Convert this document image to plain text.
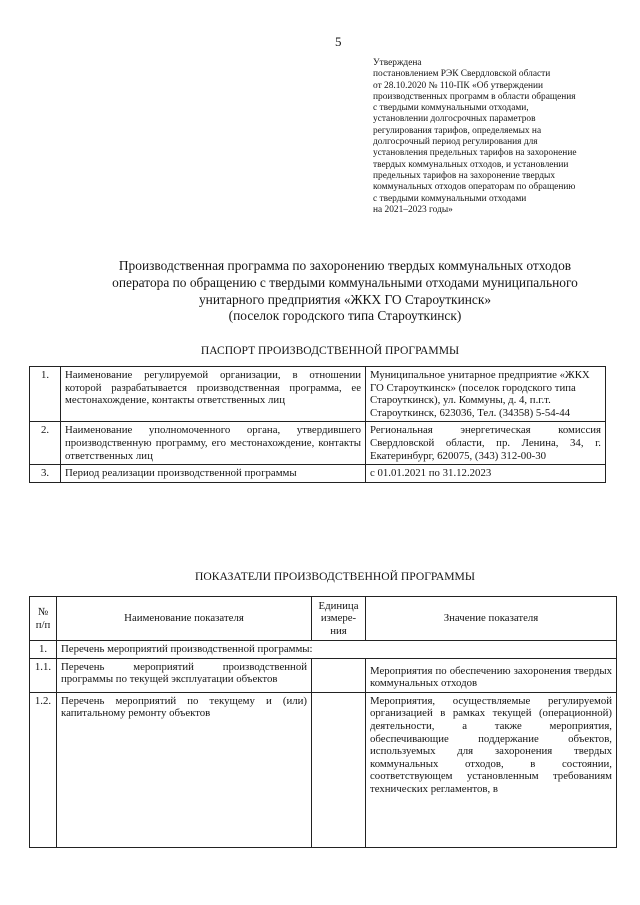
5
Утверждена
постановлением РЭК Свердловской области
от 28.10.2020 № 110-ПК «Об утверждении
производственных программ в области обращения
с твердыми коммунальными отходами,
установлении долгосрочных параметров
регулирования тарифов, определяемых на
долгосрочный период регулирования для
установления предельных тарифов на захоронение
твердых коммунальных отходов, и установлении
предельных тарифов на захоронение твердых
коммунальных отходов операторам по обращению
с твердыми коммунальными отходами
на 2021–2023 годы»
Производственная программа по захоронению твердых коммунальных отходов
оператора по обращению с твердыми коммунальными отходами муниципального
унитарного предприятия «ЖКХ ГО Староуткинск»
(поселок городского типа Староуткинск)
ПАСПОРТ ПРОИЗВОДСТВЕННОЙ ПРОГРАММЫ
1.	Наименование регулируемой организации, в отношении которой разрабатывается производственная программа, ее местонахождение, контакты ответственных лиц	Муниципальное унитарное предприятие «ЖКХ ГО Староуткинск» (поселок городского типа Староуткинск), ул. Коммуны, д. 4, п.г.т. Староуткинск, 623036, Тел. (34358) 5-54-44
2.	Наименование уполномоченного органа, утвердившего производственную программу, его местонахождение, контакты ответственных лиц	Региональная энергетическая комиссия Свердловской области, пр. Ленина, 34, г. Екатеринбург, 620075, (343) 312-00-30
3.	Период реализации производственной программы	с 01.01.2021 по 31.12.2023
ПОКАЗАТЕЛИ ПРОИЗВОДСТВЕННОЙ ПРОГРАММЫ
№ п/п	Наименование показателя	Единица измере-ния	Значение показателя
1.	Перечень мероприятий производственной программы:		
1.1.	Перечень мероприятий производственной программы по текущей эксплуатации объектов		Мероприятия по обеспечению захоронения твердых коммунальных отходов
1.2.	Перечень мероприятий по текущему и (или) капитальному ремонту объектов		Мероприятия, осуществляемые регулируемой организацией в рамках текущей (операционной) деятельности, а также мероприятия, обеспечивающие поддержание объектов, используемых для захоронения твердых коммунальных отходов, в состоянии, соответствующем установленным требованиям технических регламентов, в
